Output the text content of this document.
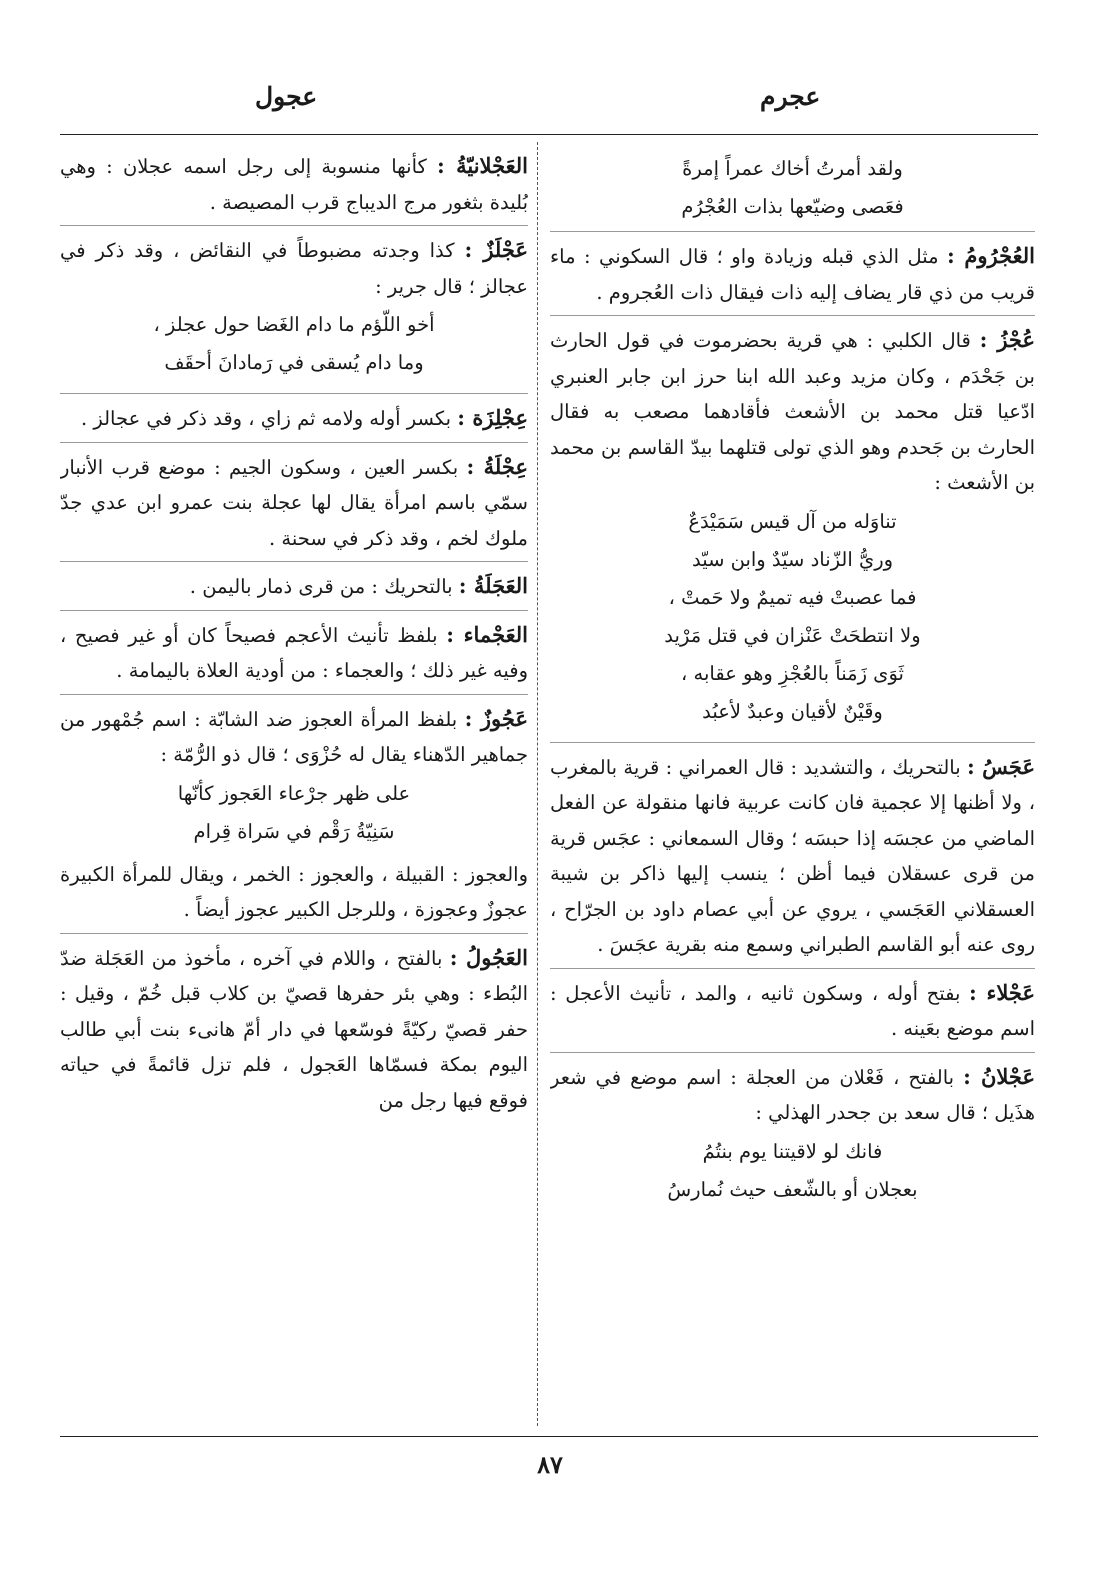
عجرم
عجول
ولقد أمرتُ أخاك عمراً إمرةً
فعَصى وضيّعها بذات العُجْرُم
العُجْرُومُ : مثل الذي قبله وزيادة واو ؛ قال السكوني : ماء قريب من ذي قار يضاف إليه ذات فيقال ذات العُجروم .
عُجْزُ : قال الكلبي : هي قرية بحضرموت في قول الحارث بن جَحْدَم ، وكان مزيد وعبد الله ابنا حرز ابن جابر العنبري ادّعيا قتل محمد بن الأشعث فأقادهما مصعب به فقال الحارث بن جَحدم وهو الذي تولى قتلهما بيدّ القاسم بن محمد بن الأشعث :
تناوَله من آل قيس سَمَيْدَعٌ
وريُّ الزّناد سيّدٌ وابن سيّد
فما عصبتْ فيه تميمٌ ولا حَمتْ ،
ولا انتطحَتْ عَنْزان في قتل مَرْيد
ثَوَى زَمَناً بالعُجْزِ وهو عقابه ،
وقَيْنٌ لأقيان وعبدٌ لأعبُد
عَجَسُ : بالتحريك ، والتشديد : قال العمراني : قرية بالمغرب ، ولا أظنها إلا عجمية فان كانت عربية فانها منقولة عن الفعل الماضي من عجسَه إذا حبسَه ؛ وقال السمعاني : عجَس قرية من قرى عسقلان فيما أظن ؛ ينسب إليها ذاكر بن شيبة العسقلاني العَجَسي ، يروي عن أبي عصام داود بن الجرّاح ، روى عنه أبو القاسم الطبراني وسمع منه بقرية عجَسَ .
عَجْلاء : بفتح أوله ، وسكون ثانيه ، والمد ، تأنيث الأعجل : اسم موضع بعَينه .
عَجْلانُ : بالفتح ، فَعْلان من العجلة : اسم موضع في شعر هذَيل ؛ قال سعد بن جحدر الهذلي :
فانك لو لاقيتنا يوم بنتُمُ
بعجلان أو بالشّعف حيث نُمارسُ
العَجْلانيّةُ : كأنها منسوبة إلى رجل اسمه عجلان : وهي بُليدة بثغور مرج الديباج قرب المصيصة .
عَجْلَزٌ : كذا وجدته مضبوطاً في النقائض ، وقد ذكر في عجالز ؛ قال جرير :
أخو اللّؤم ما دام الغَضا حول عجلز ،
وما دام يُسقى في رَمادانَ أحقَف
عِجْلِزَة : بكسر أوله ولامه ثم زاي ، وقد ذكر في عجالز .
عِجْلَةُ : بكسر العين ، وسكون الجيم : موضع قرب الأنبار سمّي باسم امرأة يقال لها عجلة بنت عمرو ابن عدي جدّ ملوك لخم ، وقد ذكر في سحنة .
العَجَلَةُ : بالتحريك : من قرى ذمار باليمن .
العَجْماء : بلفظ تأنيث الأعجم فصيحاً كان أو غير فصيح ، وفيه غير ذلك ؛ والعجماء : من أودية العلاة باليمامة .
عَجُوزٌ : بلفظ المرأة العجوز ضد الشابّة : اسم جُمْهور من جماهير الدّهناء يقال له حُزْوَى ؛ قال ذو الرُّمّة :
على ظهر جرْعاء العَجوز كأنّها
سَنِيّةُ رَقْم في سَراة قِرام
والعجوز : القبيلة ، والعجوز : الخمر ، ويقال للمرأة الكبيرة عجوزٌ وعجوزة ، وللرجل الكبير عجوز أيضاً .
العَجُولُ : بالفتح ، واللام في آخره ، مأخوذ من العَجَلة ضدّ البُطء : وهي بئر حفرها قصيّ بن كلاب قبل خُمّ ، وقيل : حفر قصيّ ركيّةً فوسّعها في دار أمّ هانىء بنت أبي طالب اليوم بمكة فسمّاها العَجول ، فلم تزل قائمةً في حياته فوقع فيها رجل من
٨٧
